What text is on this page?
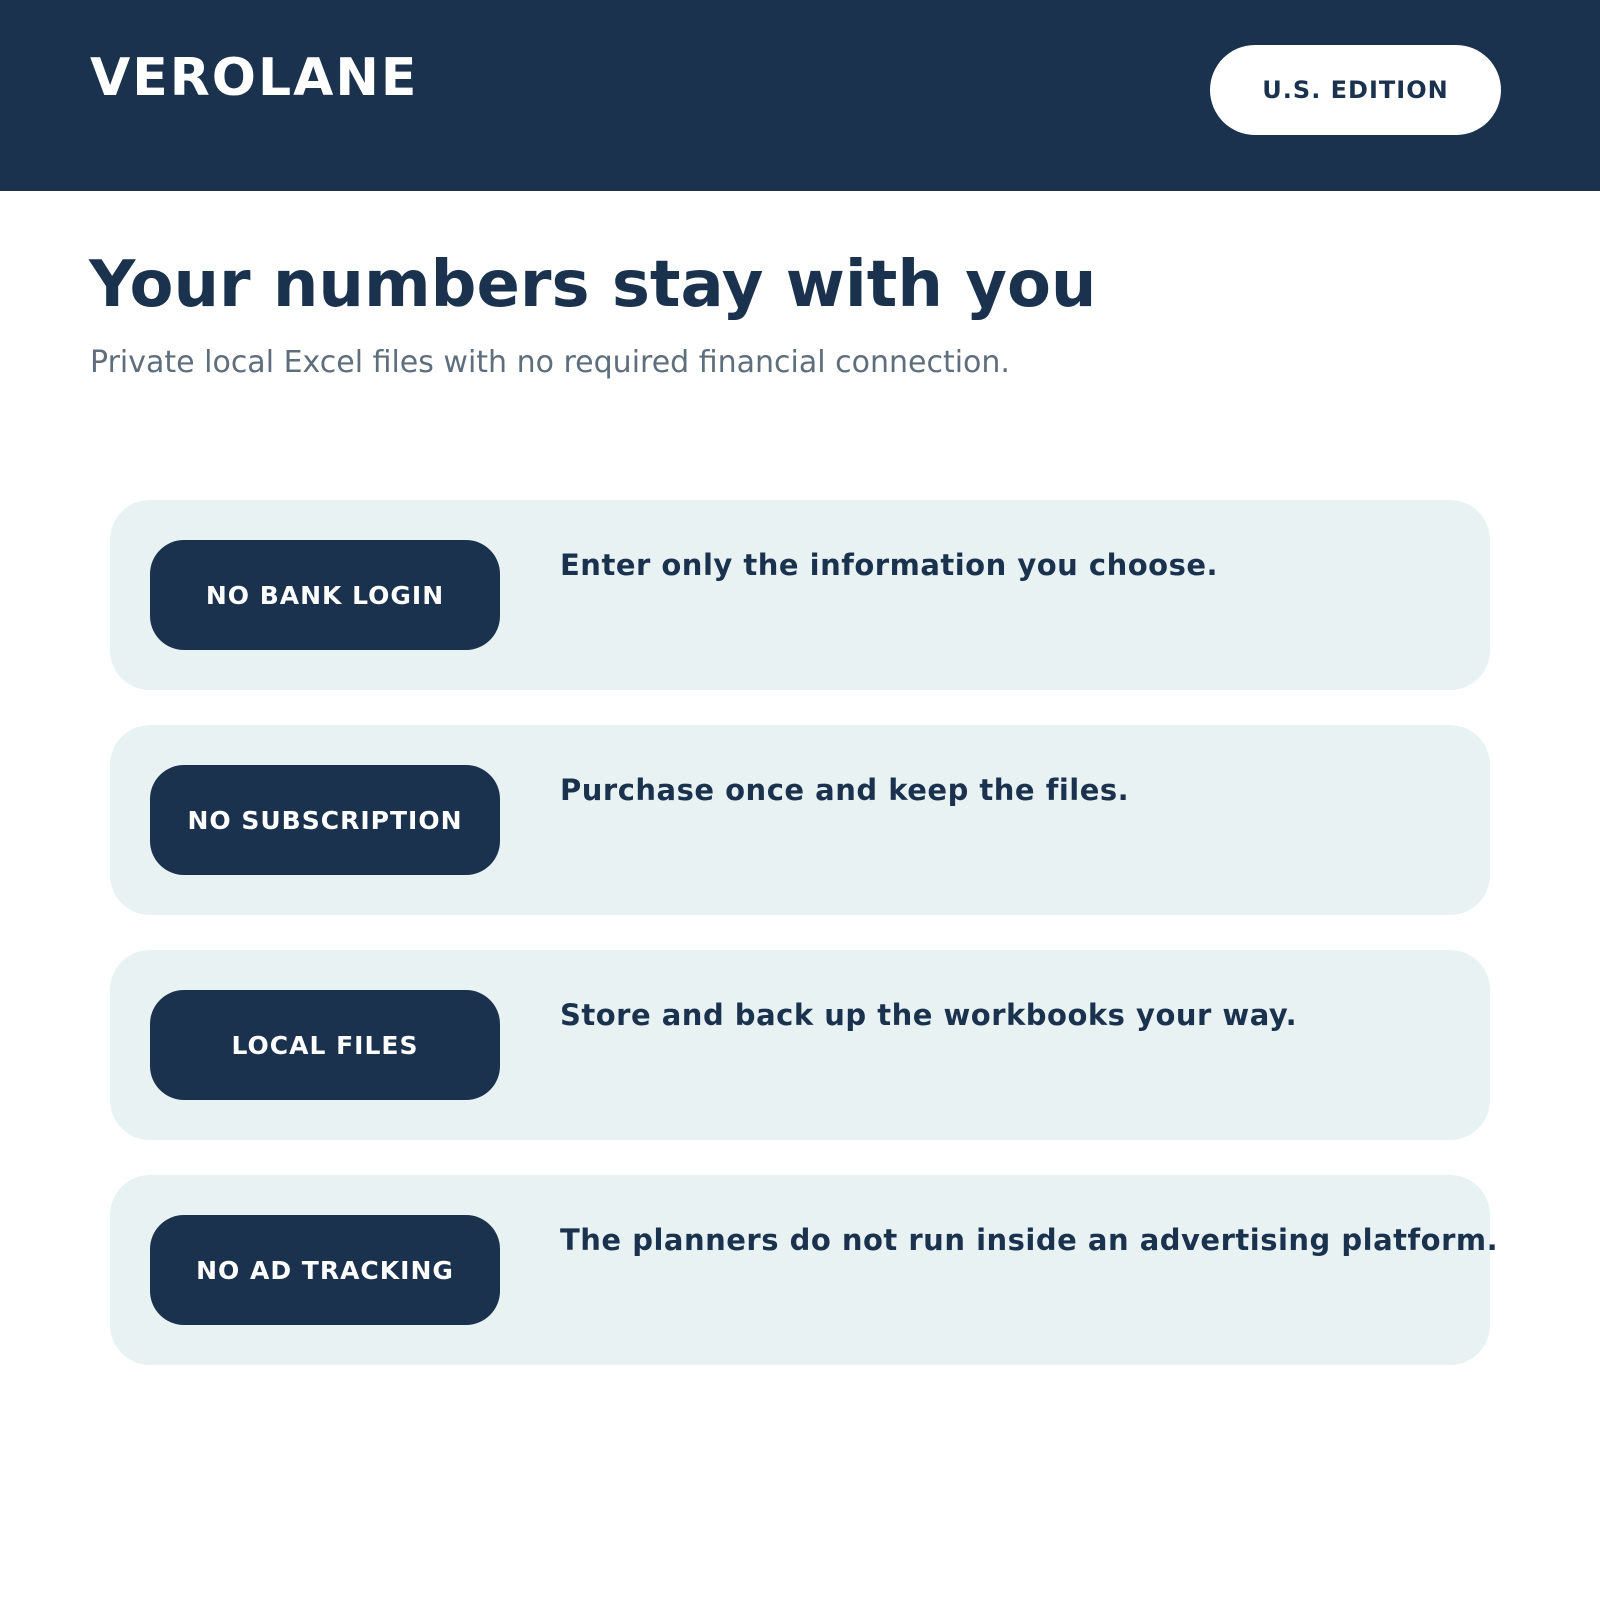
VEROLANE	U.S. EDITION
Your numbers stay with you

Private local Excel files with no required financial connection.

NO BANK LOGIN
Enter only the information you choose.
NO SUBSCRIPTION
Purchase once and keep the files.
LOCAL FILES
Store and back up the workbooks your way.
NO AD TRACKING
The planners do not run inside an advertising platform.
